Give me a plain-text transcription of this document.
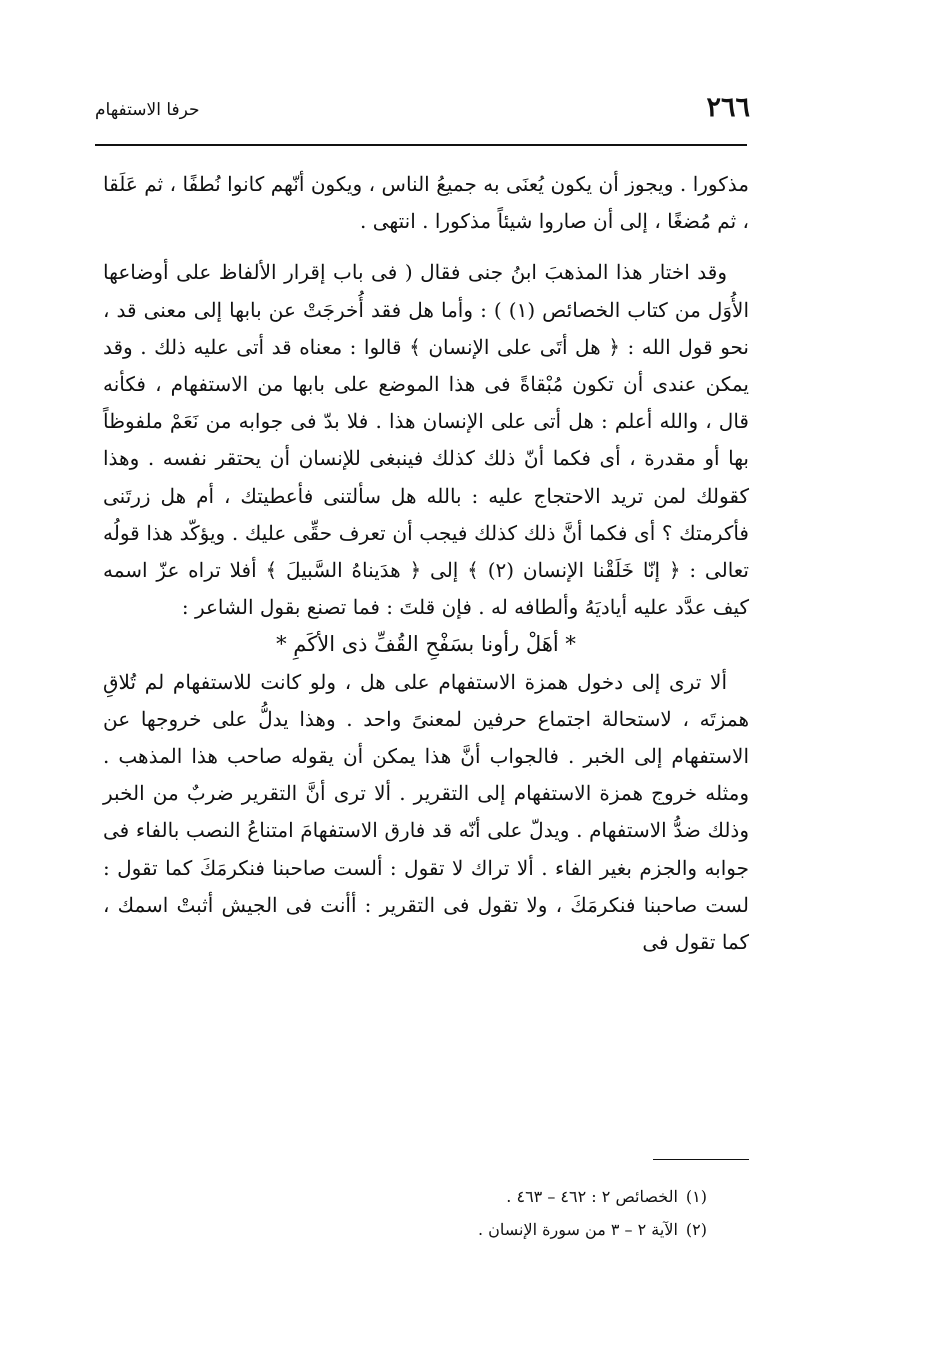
٢٦٦
حرفا الاستفهام

مذكورا . ويجوز أن يكون يُعنَى به جميعُ الناس ، ويكون أنّهم كانوا نُطفًا ، ثم عَلَقا ، ثم مُضغًا ، إلى أن صاروا شيئاً مذكورا . انتهى .

وقد اختار هذا المذهبَ ابنُ جنى فقال ( فى باب إقرار الألفاظ على أوضاعها الأُوَل من كتاب الخصائص (١) ) : وأما هل فقد أُخرجَتْ عن بابها إلى معنى قد ، نحو قول الله : ﴿ هل أتَى على الإنسان ﴾ قالوا : معناه قد أتى عليه ذلك . وقد يمكن عندى أن تكون مُبْقاةً فى هذا الموضع على بابها من الاستفهام ، فكأنه قال ، والله أعلم : هل أتى على الإنسان هذا . فلا بدّ فى جوابه من نَعَمْ ملفوظاً بها أو مقدرة ، أى فكما أنّ ذلك كذلك فينبغى للإنسان أن يحتقر نفسه . وهذا كقولك لمن تريد الاحتجاج عليه : بالله هل سألتنى فأعطيتك ، أم هل زرتَنى فأكرمتك ؟ أى فكما أنَّ ذلك كذلك فيجب أن تعرف حقِّى عليك . ويؤكّد هذا قولُه تعالى : ﴿ إنّا خَلَقْنا الإنسان (٢) ﴾ إلى ﴿ هدَيناهُ السَّبيلَ ﴾ أفلا تراه عزّ اسمه كيف عدَّد عليه أياديَهُ وألطافه له . فإن قلتَ : فما تصنع بقول الشاعر :

* أهَلْ رأونا بسَفْحِ القُفِّ ذى الأكَمِ *

ألا ترى إلى دخول همزة الاستفهام على هل ، ولو كانت للاستفهام لم تُلاقِ همزتَه ، لاستحالة اجتماع حرفين لمعنىً واحد . وهذا يدلُّ على خروجها عن الاستفهام إلى الخبر . فالجواب أنَّ هذا يمكن أن يقوله صاحب هذا المذهب . ومثله خروج همزة الاستفهام إلى التقرير . ألا ترى أنَّ التقرير ضربٌ من الخبر وذلك ضدُّ الاستفهام . ويدلّ على أنّه قد فارق الاستفهامَ امتناعُ النصب بالفاء فى جوابه والجزم بغير الفاء . ألا تراك لا تقول : ألست صاحبنا فنكرمَكَ كما تقول : لست صاحبنا فنكرمَكَ ، ولا تقول فى التقرير : أأنت فى الجيش أثبتْ اسمك ، كما تقول فى

(١)
الخصائص ٢ : ٤٦٢ – ٤٦٣ .
(٢)
الآية ٢ – ٣ من سورة الإنسان .
